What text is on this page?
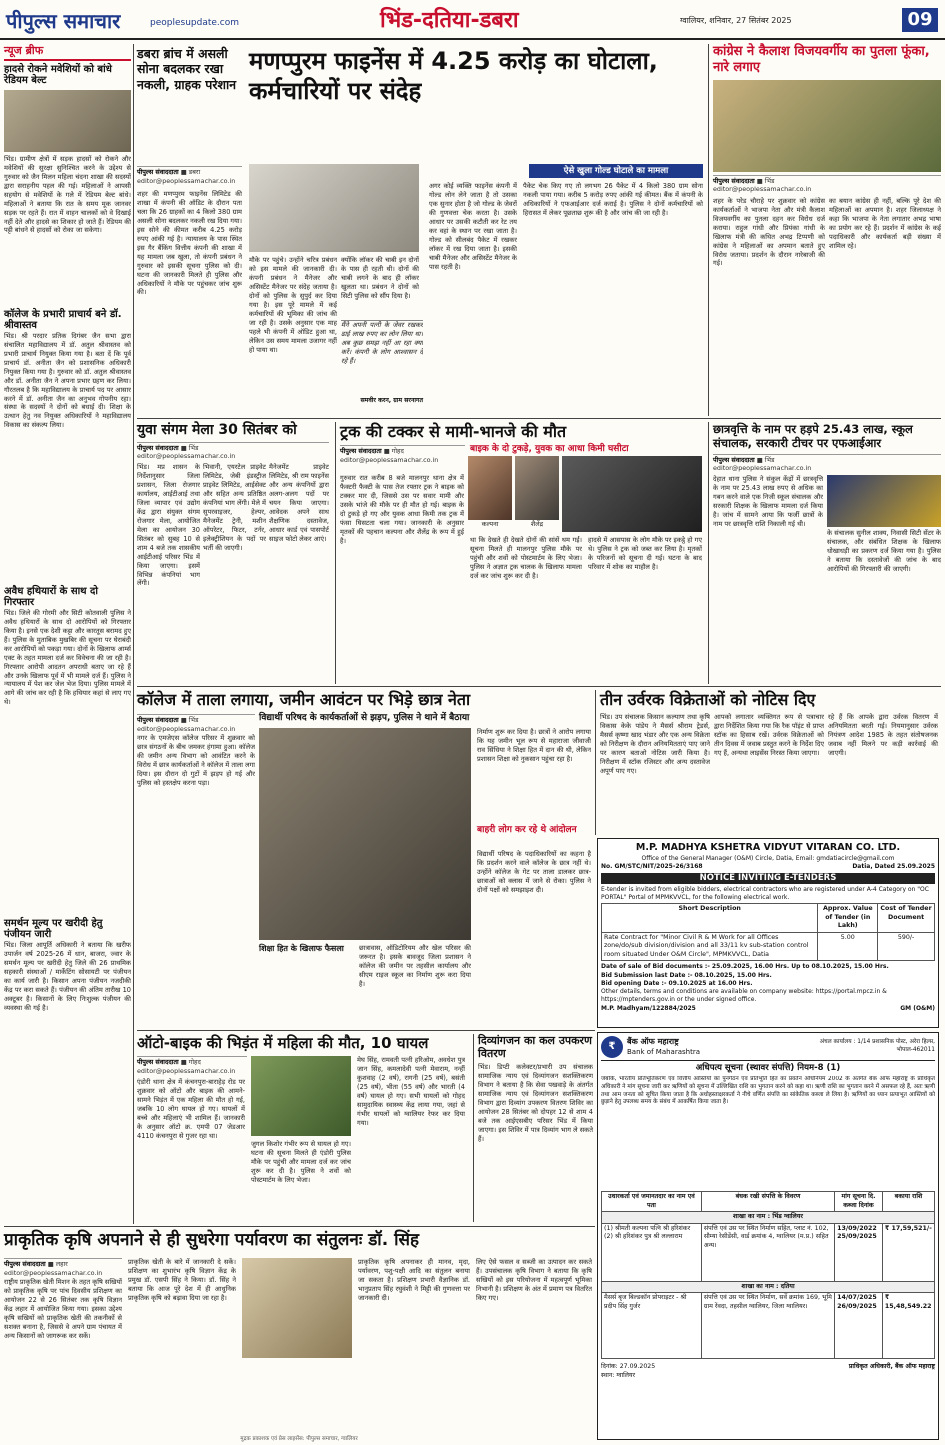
पीपुल्स समाचार	peoplesupdate.com	भिंड-दतिया-डबरा	ग्वालियर, शनिवार, 27 सितंबर 2025	09
न्यूज ब्रीफ
हादसे रोकने मवेशियों को बांधे रेडियम बेल्ट
भिंड। ग्रामीण क्षेत्रों में सड़क हादसों को रोकने और मवेशियों की सुरक्षा सुनिश्चित करने के उद्देश्य से गुरुवार को जैन मिलन महिला चंदना शाखा की सदस्यों द्वारा सराहनीय पहल की गई। महिलाओं ने आपसी सहयोग से मवेशियों के गले में रेडियम बेल्ट बांधे। महिलाओं ने बताया कि रात के समय मूक जानवर सड़क पर रहते हैं। रात में वाहन चालकों को वे दिखाई नहीं देते और हादसे का शिकार हो जाते हैं। रेडियम की पट्टी बांधने से हादसों को रोका जा सकेगा।
कॉलेज के प्रभारी प्राचार्य बने डॉ. श्रीवास्तव
भिंड। श्री परदार प्रतिक दिगंबर जैन सभा द्वारा संचालित महाविद्यालय में डॉ. अतुल श्रीवास्तव को प्रभारी प्राचार्य नियुक्त किया गया है। बता दें कि पूर्व प्राचार्य डॉ. अनीता जैन को प्रशासनिक अधिकारी नियुक्त किया गया है। गुरुवार को डॉ. अतुल श्रीवास्तव और डॉ. अनीता जैन ने अपना प्रभार ग्रहण कर लिया। गौरतलब है कि महाविद्यालय के प्राचार्य पद पर आसार करने में डॉ. अनीता जैन का अनुभव गोपनीय रहा। संस्था के सदस्यों ने दोनों को बधाई दी। शिक्षा के उत्थान हेतु नव नियुक्त अधिकारियों ने महाविद्यालय विकास का संकल्प लिया।
अवैध हथियारों के साथ दो गिरफ्तार
भिंड। जिले की गोरमी और सिटी कोतवाली पुलिस ने अवैध हथियारों के साथ दो आरोपियों को गिरफ्तार किया है। इनसे एक देशी कट्टा और कारतूस बरामद हुए हैं। पुलिस के मुताबिक मुखबिर की सूचना पर घेराबंदी कर आरोपियों को पकड़ा गया। दोनों के खिलाफ आर्म्स एक्ट के तहत मामला दर्ज कर विवेचना की जा रही है। गिरफ्तार आरोपी आदतन अपराधी बताए जा रहे हैं और उनके खिलाफ पूर्व में भी मामले दर्ज हैं। पुलिस ने न्यायालय में पेश कर जेल भेज दिया। पुलिस मामले में आगे की जांच कर रही है कि हथियार कहां से लाए गए थे।
समर्थन मूल्य पर खरीदी हेतु पंजीयन जारी
भिंड। जिला आपूर्ति अधिकारी ने बताया कि खरीफ उपार्जन वर्ष 2025-26 में धान, बाजरा, ज्वार के समर्थन मूल्य पर खरीदी हेतु जिले की 26 प्राथमिक सहकारी संस्थाओं / मार्केटिंग सोसायटी पर पंजीयन का कार्य जारी है। किसान अपना पंजीयन नजदीकी केंद्र पर करा सकते हैं। पंजीयन की अंतिम तारीख 10 अक्टूबर है। किसानों के लिए निःशुल्क पंजीयन की व्यवस्था की गई है।
डबरा ब्रांच में असली सोना बदलकर रखा नकली, ग्राहक परेशान
मणप्पुरम फाइनेंस में 4.25 करोड़ का घोटाला, कर्मचारियों पर संदेह
ऐसे खुला गोल्ड घोटाले का मामला
पीपुल्स संवाददाता ■ डबरा
editor@peoplessamachar.co.in
शहर की मणप्पुरम फाइनेंस लिमिटेड की शाखा में कंपनी की ऑडिट के दौरान पता चला कि 26 ग्राहकों का 4 किलो 380 ग्राम असली सोना बदलकर नकली रख दिया गया। इस सोने की कीमत करीब 4.25 करोड़ रुपए आंकी गई है। न्यायालय के पास स्थित इस गैर बैंकिंग वित्तीय कंपनी की शाखा में यह मामला जब खुला, तो कंपनी प्रबंधन ने गुरुवार को इसकी सूचना पुलिस को दी। घटना की जानकारी मिलते ही पुलिस और अधिकारियों ने मौके पर पहुंचकर जांच शुरू की।
मौके पर पहुंचे। उन्होंने चरित्र प्रबंधन को इस मामले की जानकारी दी। कंपनी प्रबंधन ने मैनेजर और असिस्टेंट मैनेजर पर संदेह जताया है। दोनों को पुलिस के सुपुर्द कर दिया गया है। इस पूरे मामले में कई कर्मचारियों की भूमिका की जांच की जा रही है। उसके अनुसार एक माह पहले भी कंपनी में ऑडिट हुआ था, लेकिन उस समय मामला उजागर नहीं हो पाया था।
क्योंकि लॉकर की चाबी इन दोनों के पास ही रहती थी। दोनों की चाबी लगने के बाद ही लॉकर खुलता था। प्रबंधन ने दोनों को सिटी पुलिस को सौंप दिया है।
मैंने अपनी पत्नी के जेवर रखकर ढाई लाख रुपए का लोन लिया था। अब कुछ समझ नहीं आ रहा क्या करें। कंपनी के लोग आश्वासन दे रहे हैं।
समवीर करन, ग्राम सरनागत
अगर कोई व्यक्ति फाइनेंस कंपनी में गोल्ड लोन लेने जाता है तो उसका एक सुनार होता है जो गोल्ड के जेवरों की गुणवत्ता चेक करता है। उसके आधार पर उसकी कटौती कर रेट तय कर वहां के स्थान पर रखा जाता है। गोल्ड को सीलबंद पैकेट में रखकर लॉकर में रख दिया जाता है। इसकी चाबी मैनेजर और असिस्टेंट मैनेजर के पास रहती है।
पैकेट चेक किए गए तो लगभग 26 पैकेट में 4 किलो 380 ग्राम सोना नकली पाया गया। करीब 5 करोड़ रुपए आंकी गई कीमत। बैंक में कंपनी के अधिकारियों ने एफआईआर दर्ज कराई है। पुलिस ने दोनों कर्मचारियों को हिरासत में लेकर पूछताछ शुरू की है और जांच की जा रही है।
कांग्रेस ने कैलाश विजयवर्गीय का पुतला फूंका, नारे लगाए
पीपुल्स संवाददाता ■ भिंड
editor@peoplessamachar.co.in
शहर के परेड चौराहे पर शुक्रवार को कांग्रेस कार्यकर्ताओं ने भाजपा नेता और मंत्री कैलाश विजयवर्गीय का पुतला दहन कर विरोध दर्ज कराया। राहुल गांधी और प्रियंका गांधी के खिलाफ मंत्री की कथित अभद्र टिप्पणी को कांग्रेस ने महिलाओं का अपमान बताते हुए विरोध जताया। प्रदर्शन के दौरान नारेबाजी की गई।
का बयान कांग्रेस ही नहीं, बल्कि पूरे देश की महिलाओं का अपमान है। शहर जिलाध्यक्ष ने कहा कि भाजपा के नेता लगातार अभद्र भाषा का प्रयोग कर रहे हैं। प्रदर्शन में कांग्रेस के कई पदाधिकारी और कार्यकर्ता बड़ी संख्या में शामिल रहे।
युवा संगम मेला 30 सितंबर को
पीपुल्स संवाददाता ■ भिंड
editor@peoplessamachar.co.in
भिंड। मप्र शासन के निर्देशानुसार जिला प्रशासन, जिला रोजगार कार्यालय, आईटीआई तथा जिला व्यापार एवं उद्योग केंद्र द्वारा संयुक्त संगम रोजगार मेला, आयोजित मेला का आयोजन 30 सितंबर को सुबह 10 से शाम 4 बजे तक शासकीय आईटीआई परिसर भिंड में किया जाएगा। इसमें विभिन्न कंपनियां भाग लेंगी।
भिवानी, एयरटेल प्राइवेट लिमिटेड, जेबी इंडस्ट्रीज प्राइवेट लिमिटेड, आईसेक्ट और सहित अन्य प्रतिष्ठित कंपनियां भाग लेंगी। मेले में सुपरवाइजर, हेल्पर, मैनेजमेंट ट्रेनी, मशीन ऑपरेटर, फिटर, टर्नर, इलेक्ट्रीशियन के पदों पर भर्ती की जाएगी।
मैनेजमेंट प्राइवेट लिमिटेड, श्री राम फाइनेंस और अन्य कंपनियों द्वारा अलग-अलग पदों पर चयन किया जाएगा। आवेदक अपने साथ शैक्षणिक दस्तावेज, आधार कार्ड एवं पासपोर्ट साइज फोटो लेकर आएं।
ट्रक की टक्कर से मामी-भानजे की मौत
बाइक के दो टुकड़े, युवक का आधा किमी घसीटा
पीपुल्स संवाददाता ■ गोहद
editor@peoplessamachar.co.in
कल्पना	शैलेंद्र
गुरुवार रात करीब 8 बजे मालनपुर थाना क्षेत्र में फैक्टरी फैक्टी के पास तेज रफ्तार ट्रक ने बाइक को टक्कर मार दी, जिससे उस पर सवार मामी और उसके भांजे की मौके पर ही मौत हो गई। बाइक के दो टुकड़े हो गए और युवक आधा किमी तक ट्रक में फंसा घिसटता चला गया। जानकारी के अनुसार मृतकों की पहचान कल्पना और शैलेंद्र के रूप में हुई है।	था कि देखते ही देखते दोनों की सांसें थम गईं। सूचना मिलते ही मालनपुर पुलिस मौके पर पहुंची और शवों को पोस्टमार्टम के लिए भेजा। पुलिस ने अज्ञात ट्रक चालक के खिलाफ मामला दर्ज कर जांच शुरू कर दी है।
हादसे में आसपास के लोग मौके पर इकट्ठे हो गए थे। पुलिस ने ट्रक को जब्त कर लिया है। मृतकों के परिजनों को सूचना दी गई। घटना के बाद परिवार में शोक का माहौल है।
छात्रवृत्ति के नाम पर हड़पे 25.43 लाख, स्कूल संचालक, सरकारी टीचर पर एफआईआर
पीपुल्स संवाददाता ■ भिंड
editor@peoplessamachar.co.in
देहात थाना पुलिस ने संकुल केंद्रों में छात्रवृत्ति के नाम पर 25.43 लाख रुपए से अधिक का गबन करने वाले एक निजी स्कूल संचालक और सरकारी शिक्षक के खिलाफ मामला दर्ज किया है। जांच में सामने आया कि फर्जी छात्रों के नाम पर छात्रवृत्ति राशि निकाली गई थी।
के संचालक सुनील शाक्य, निवासी सिटी सेंटर के संचालक, और संबंधित शिक्षक के खिलाफ धोखाधड़ी का प्रकरण दर्ज किया गया है। पुलिस ने बताया कि दस्तावेजों की जांच के बाद आरोपियों की गिरफ्तारी की जाएगी।
कॉलेज में ताला लगाया, जमीन आवंटन पर भिड़े छात्र नेता
विद्यार्थी परिषद के कार्यकर्ताओं से झड़प, पुलिस ने थाने में बैठाया
पीपुल्स संवाददाता ■ भिंड
editor@peoplessamachar.co.in
नगर के एमजेएस कॉलेज परिसर में शुक्रवार को छात्र संगठनों के बीच जमकर हंगामा हुआ। कॉलेज की जमीन अन्य विभाग को आवंटित करने के विरोध में छात्र कार्यकर्ताओं ने कॉलेज में ताला लगा दिया। इस दौरान दो गुटों में झड़प हो गई और पुलिस को हस्तक्षेप करना पड़ा।
शिक्षा हित के खिलाफ फैसला	छात्रावास, ऑडिटोरियम और खेल परिसर की जरूरत है। इसके बावजूद जिला प्रशासन ने कॉलेज की जमीन पर तहसील कार्यालय और सीएम राइज स्कूल का निर्माण शुरू करा दिया है।
निर्माण शुरू कर दिया है। छात्रों ने आरोप लगाया कि यह जमीन भूल रूप से महाराजा जीवाजी राव सिंधिया ने शिक्षा हित में दान की थी, लेकिन प्रशासन शिक्षा को नुकसान पहुंचा रहा है।
बाहरी लोग कर रहे थे आंदोलन
विद्यार्थी परिषद के पदाधिकारियों का कहना है कि प्रदर्शन करने वाले कॉलेज के छात्र नहीं थे। उन्होंने कॉलेज के गेट पर ताला डालकर छात्र-छात्राओं को क्लास में जाने से रोका। पुलिस ने दोनों पक्षों को समझाइश दी।
तीन उर्वरक विक्रेताओं को नोटिस दिए
भिंड। उप संचालक किसान कल्याण तथा कृषि विकास केके पांडेय ने मैसर्स श्रीराम ट्रेडर्स, मैसर्स कृष्णा खाद भंडार और एक अन्य विक्रेता को निरीक्षण के दौरान अनियमितताएं पाए जाने पर कारण बताओ नोटिस जारी किया है। निरीक्षण में स्टॉक रजिस्टर और अन्य दस्तावेज अपूर्ण पाए गए।
आपको लगातार व्यक्तिगत रूप से पत्राचार द्वारा निर्देशित किया गया कि रैक पॉइंट से प्राप्त स्टॉक का हिसाब रखें। उर्वरक विक्रेताओं को तीन दिवस में जवाब प्रस्तुत करने के निर्देश दिए गए हैं, अन्यथा लाइसेंस निरस्त किया जाएगा।
रहे हैं कि आपके द्वारा उर्वरक वितरण में अनियमितता बरती गई। नियमानुसार उर्वरक नियंत्रण आदेश 1985 के तहत संतोषजनक जवाब नहीं मिलने पर कड़ी कार्रवाई की जाएगी।
M.P. MADHYA KSHETRA VIDYUT VITARAN CO. LTD.
Office of the General Manager (O&M) Circle, Datia, Email: gmdatiacircle@gmail.com
No. GM/STC/NIT/2025-26/3168	Datia, Dated 25.09.2025
NOTICE INVITING E-TENDERS
E-tender is invited from eligible bidders, electrical contractors who are registered under A-4 Category on "OC PORTAL" Portal of MPMKVVCL, for the following electrical work.
Short Description	Approx. Value of Tender (in Lakh)	Cost of Tender Document
Rate Contract for "Minor Civil R & M Work for all Offices zone/do/sub division/division and all 33/11 kv sub-station control room situated Under O&M Circle", MPMKVVCL, Datia	5.00	590/-
Date of sale of Bid documents :- 25.09.2025, 16.00 Hrs. Up to 08.10.2025, 15.00 Hrs.
Bid Submission last Date :- 08.10.2025, 15.00 Hrs.
Bid opening Date :- 09.10.2025 at 16.00 Hrs.
Other details, terms and conditions are available on company website: https://portal.mpcz.in & https://mptenders.gov.in or the under signed office.
M.P. Madhyam/122884/2025	GM (O&M)
ऑटो-बाइक की भिड़ंत में महिला की मौत, 10 घायल
पीपुल्स संवाददाता ■ गोहद
editor@peoplessamachar.co.in
एंडोरी थाना क्षेत्र में कंचनपुरा-बाराहेड़ रोड पर शुक्रवार को ऑटो और बाइक की आमने-सामने भिड़ंत में एक महिला की मौत हो गई, जबकि 10 लोग घायल हो गए। घायलों में बच्चे और महिलाएं भी शामिल हैं। जानकारी के अनुसार ऑटो क्र. एमपी 07 जेडआर 4110 कंचनपुरा से गुजर रहा था।
जुगल किशोर गंभीर रूप से घायल हो गए। घटना की सूचना मिलते ही एंडोरी पुलिस मौके पर पहुंची और मामला दर्ज कर जांच शुरू कर दी है। पुलिस ने शवों को पोस्टमार्टम के लिए भेजा।
मेघ सिंह, रामवती पत्नी हरिओम, अवधेश पुत्र जान सिंह, कमलादेवी पत्नी मेवाराम, नन्हीं कुशवाह (2 वर्ष), रागनी (25 वर्ष), बसंती (25 वर्ष), भीता (55 वर्ष) और भारती (4 वर्ष) घायल हो गए। सभी घायलों को गोहद सामुदायिक स्वास्थ्य केंद्र लाया गया, जहां से गंभीर घायलों को ग्वालियर रेफर कर दिया गया।
दिव्यांगजन का कल उपकरण वितरण
भिंड। डिप्टी कलेक्टर/प्रभारी उप संचालक सामाजिक न्याय एवं दिव्यांगजन सशक्तिकरण विभाग ने बताया है कि सेवा पखवाड़े के अंतर्गत सामाजिक न्याय एवं दिव्यांगजन सशक्तिकरण विभाग द्वारा दिव्यांग उपकरण वितरण शिविर का आयोजन 28 सितंबर को दोपहर 12 से शाम 4 बजे तक आईएसबीए परिसर भिंड में किया जाएगा। इस शिविर में पात्र दिव्यांग भाग ले सकते हैं।
प्राकृतिक कृषि अपनाने से ही सुधरेगा पर्यावरण का संतुलनः डॉ. सिंह
पीपुल्स संवाददाता ■ लहार
editor@peoplessamachar.co.in
राष्ट्रीय प्राकृतिक खेती मिशन के तहत कृषि सखियों को प्राकृतिक कृषि पर पांच दिवसीय प्रशिक्षण का आयोजन 22 से 26 सितंबर तक कृषि विज्ञान केंद्र लहार में आयोजित किया गया। इसका उद्देश्य कृषि सखियों को प्राकृतिक खेती की तकनीकों से सशक्त बनाना है, जिससे वे अपने ग्राम पंचायत में अन्य किसानों को जागरूक कर सकें।
प्राकृतिक खेती के बारे में जानकारी दे सकें। प्रशिक्षण का शुभारंभ कृषि विज्ञान केंद्र के प्रमुख डॉ. एसपी सिंह ने किया। डॉ. सिंह ने बताया कि आज पूरे देश में ही आधुनिक प्राकृतिक कृषि को बढ़ावा दिया जा रहा है।
प्राकृतिक कृषि अपनाकर ही मानव, मृदा, पर्यावरण, पशु-पक्षी आदि का संतुलन बनाया जा सकता है। प्रशिक्षण प्रभारी वैज्ञानिक डॉ. भानुप्रताप सिंह रघुवंशी ने मिट्टी की गुणवत्ता पर जानकारी दी।
लिए ऐसे फसल व सब्जी का उत्पादन कर सकते हैं। उपसंचालक कृषि विभाग ने बताया कि कृषि सखियों को इस परियोजना में महत्वपूर्ण भूमिका निभानी है। प्रशिक्षण के अंत में प्रमाण पत्र वितरित किए गए।
₹	बैंक ऑफ महाराष्ट्र
Bank of Maharashtra
अंचल कार्यालय : 1/14 प्रशासनिक पोस्ट, अरेरा हिल्स, भोपाल-462011
अधिपत्य सूचना (स्थावर संपत्ति) नियम-8 (1)
जबकि, भारतीय प्रतिभूतिकरण एवं वित्तीय आस्तियों का पुनर्गठन एवं प्रतिभूति हित का प्रवर्तन अधिनियम 2002 के अंतर्गत बैंक ऑफ महाराष्ट्र के प्राधिकृत अधिकारी ने मांग सूचना जारी कर ऋणियों को सूचना में उल्लिखित राशि का भुगतान करने को कहा था। ऋणी राशि का भुगतान करने में असफल रहे हैं, अतः ऋणी तथा आम जनता को सूचित किया जाता है कि अधोहस्ताक्षरकर्ता ने नीचे वर्णित संपत्ति का सांकेतिक कब्जा ले लिया है। ऋणियों का ध्यान प्रत्याभूत आस्तियों को छुड़ाने हेतु उपलब्ध समय के संबंध में आकर्षित किया जाता है।
उधारकर्ता एवं जमानतदार का नाम एवं पता	बंधक रखी संपत्ति के विवरण	मांग सूचना दि. कब्जा दिनांक	बकाया राशि
शाखा का नाम : भिंड ग्वालियर			
(1) श्रीमती कल्पना पत्नि श्री हरिशंकर (2) श्री हरिशंकर पुत्र श्री लल्लाराम	संपत्ति एवं उस पर स्थित निर्माण सहित, प्लाट नं. 102, सौम्या रेसीडेंसी, वार्ड क्रमांक 4, ग्वालियर (म.प्र.) सहित अन्य।	13/09/2022 25/09/2025	₹ 17,59,521/-
शाखा का नाम : दतिया			
मैसर्स बृज बिल्डकॉन प्रोपराइटर - श्री प्रदीप सिंह गुर्जर	संपत्ति एवं उस पर स्थित निर्माण, सर्वे क्रमांक 169, भूमि ग्राम रेंवदा, तहसील ग्वालियर, जिला ग्वालियर।	14/07/2025 26/09/2025	₹ 15,48,549.22
दिनांक: 27.09.2025
स्थान: ग्वालियर
प्राधिकृत अधिकारी, बैंक ऑफ महाराष्ट्र
मुद्रक प्रकाशक एवं प्रेस लाइसेंस: पीपुल्स समाचार, ग्वालियर
